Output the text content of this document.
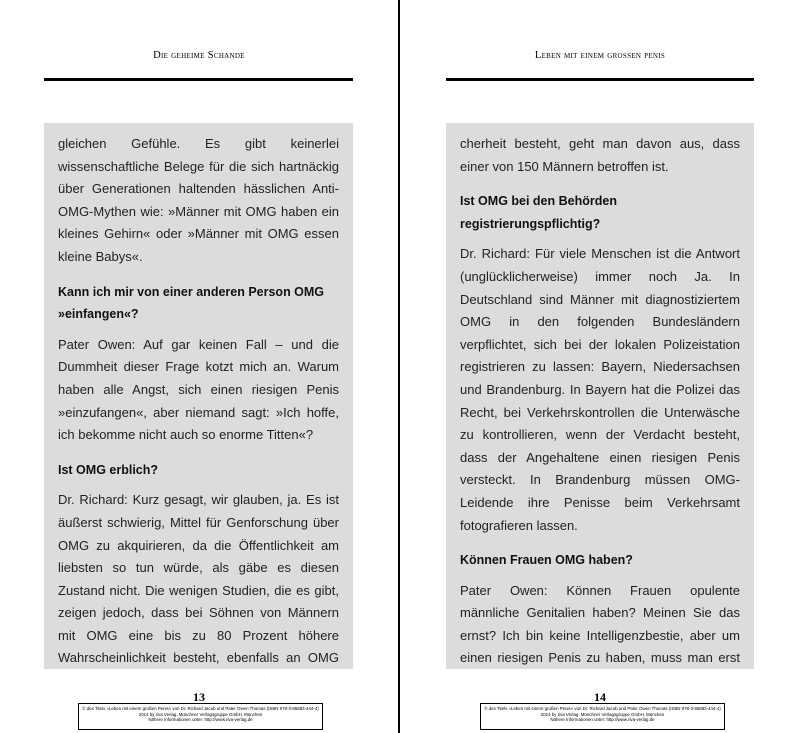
Die geheime Schande

gleichen Gefühle. Es gibt keinerlei wissenschaftliche Belege für die sich hartnäckig über Generationen haltenden hässlichen Anti-OMG-Mythen wie: »Männer mit OMG haben ein kleines Gehirn« oder »Männer mit OMG essen kleine Babys«.

Kann ich mir von einer anderen Person OMG »einfangen«?

Pater Owen: Auf gar keinen Fall – und die Dummheit dieser Frage kotzt mich an. Warum haben alle Angst, sich einen riesigen Penis »einzufangen«, aber niemand sagt: »Ich hoffe, ich bekomme nicht auch so enorme Titten«?

Ist OMG erblich?

Dr. Richard: Kurz gesagt, wir glauben, ja. Es ist äußerst schwierig, Mittel für Genforschung über OMG zu akquirieren, da die Öffentlichkeit am liebsten so tun würde, als gäbe es diesen Zustand nicht. Die wenigen Studien, die es gibt, zeigen jedoch, dass bei Söhnen von Männern mit OMG eine bis zu 80 Prozent höhere Wahrscheinlichkeit besteht, ebenfalls an OMG

13
© des Titels »Leben mit einem großen Penis« von Dr. Richard Jacob und Pater Owen Thomas (ISBN 978-3-86883-444-4)
2014 by riva Verlag, Münchner Verlagsgruppe GmbH, München
Nähere Informationen unter: http://www.riva-verlag.de
Leben mit einem grossen penis

cherheit besteht, geht man davon aus, dass einer von 150 Männern betroffen ist.

Ist OMG bei den Behörden registrierungspflichtig?

Dr. Richard: Für viele Menschen ist die Antwort (unglücklicherweise) immer noch Ja. In Deutschland sind Männer mit diagnostiziertem OMG in den folgenden Bundesländern verpflichtet, sich bei der lokalen Polizeistation registrieren zu lassen: Bayern, Niedersachsen und Brandenburg. In Bayern hat die Polizei das Recht, bei Verkehrskontrollen die Unterwäsche zu kontrollieren, wenn der Verdacht besteht, dass der Angehaltene einen riesigen Penis versteckt. In Brandenburg müssen OMG-Leidende ihre Penisse beim Verkehrsamt fotografieren lassen.

Können Frauen OMG haben?

Pater Owen: Können Frauen opulente männliche Genitalien haben? Meinen Sie das ernst? Ich bin keine Intelligenzbestie, aber um einen riesigen Penis zu haben, muss man erst

14
© des Titels »Leben mit einem großen Penis« von Dr. Richard Jacob und Pater Owen Thomas (ISBN 978-3-86883-444-4)
2014 by riva Verlag, Münchner Verlagsgruppe GmbH, München
Nähere Informationen unter: http://www.riva-verlag.de
